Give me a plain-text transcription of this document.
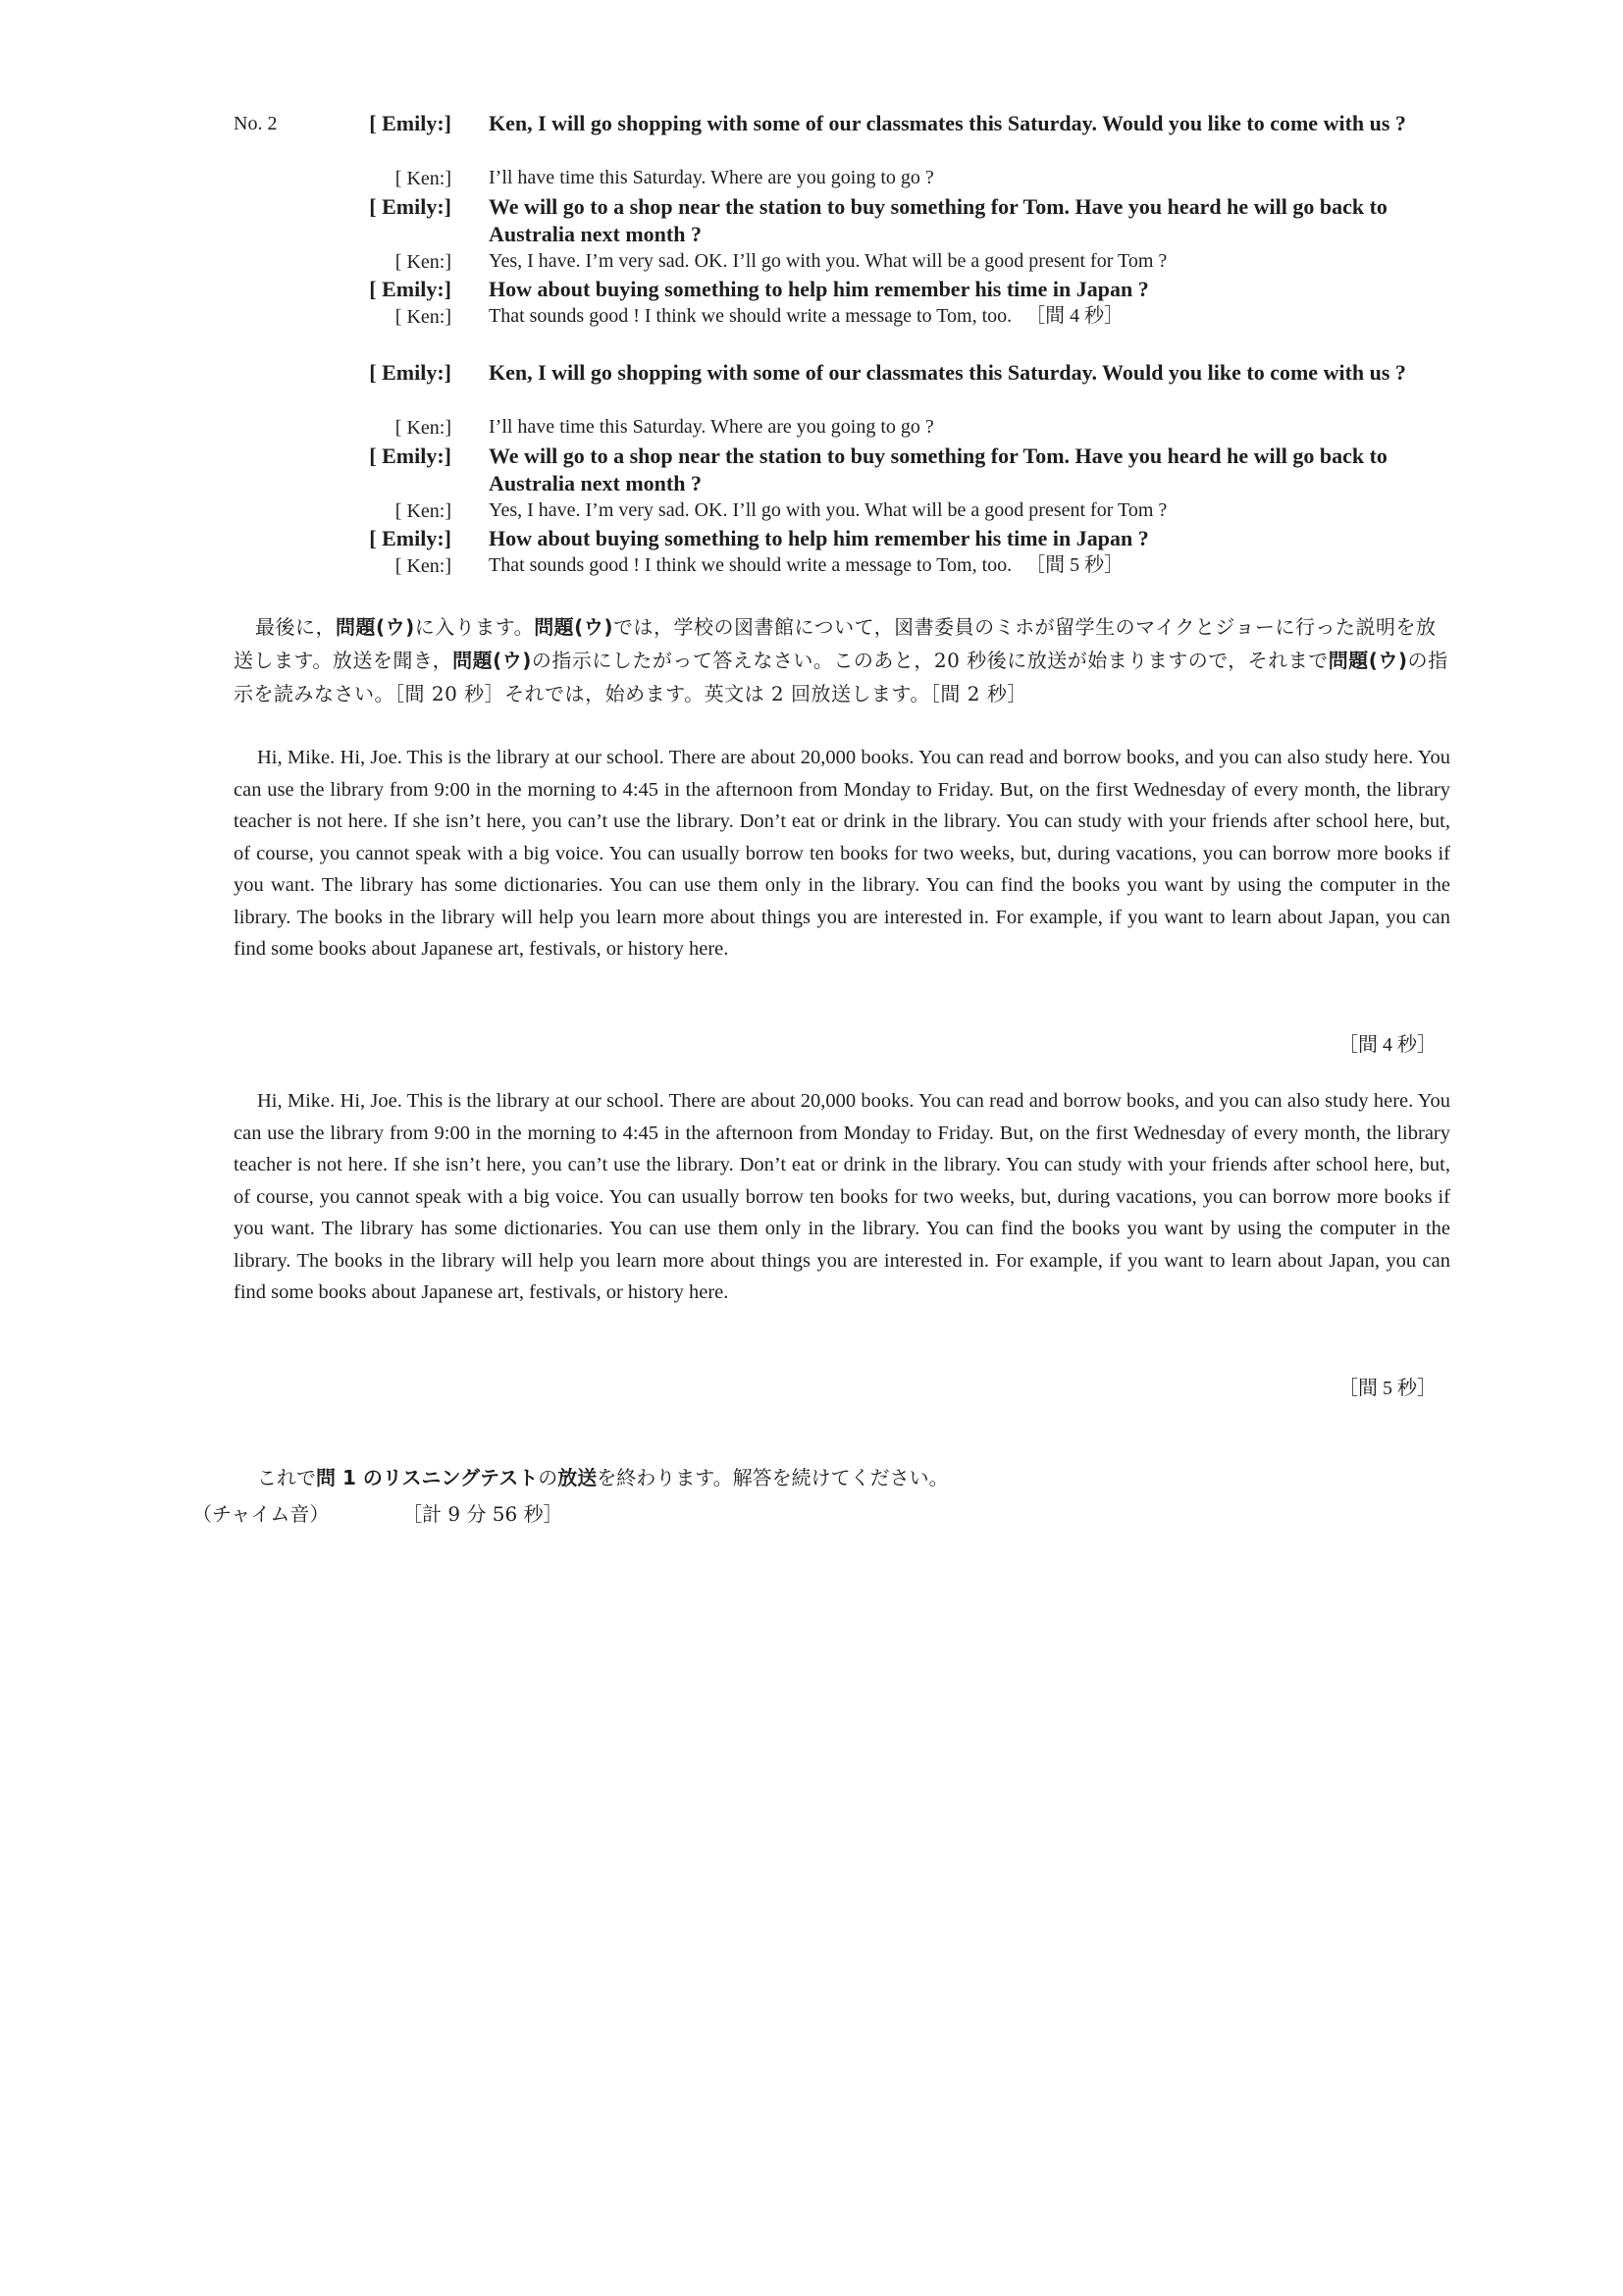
No. 2	[ Emily:]	Ken, I will go shopping with some of our classmates this Saturday. Would you like to come with us ?
[ Ken:]	I’ll have time this Saturday. Where are you going to go ?
[ Emily:]	We will go to a shop near the station to buy something for Tom. Have you heard he will go back to Australia next month ?
[ Ken:]	Yes, I have. I’m very sad. OK. I’ll go with you. What will be a good present for Tom ?
[ Emily:]	How about buying something to help him remember his time in Japan ?
[ Ken:]	That sounds good ! I think we should write a message to Tom, too. ［間 4 秒］
[ Emily:]	Ken, I will go shopping with some of our classmates this Saturday. Would you like to come with us ?
[ Ken:]	I’ll have time this Saturday. Where are you going to go ?
[ Emily:]	We will go to a shop near the station to buy something for Tom. Have you heard he will go back to Australia next month ?
[ Ken:]	Yes, I have. I’m very sad. OK. I’ll go with you. What will be a good present for Tom ?
[ Emily:]	How about buying something to help him remember his time in Japan ?
[ Ken:]	That sounds good ! I think we should write a message to Tom, too. ［間 5 秒］
最後に，問題(ウ)に入ります。問題(ウ)では，学校の図書館について，図書委員のミホが留学生のマイクとジョーに行った説明を放送します。放送を聞き，問題(ウ)の指示にしたがって答えなさい。このあと，20 秒後に放送が始まりますので，それまで問題(ウ)の指示を読みなさい。［間 20 秒］それでは，始めます。英文は 2 回放送します。［間 2 秒］
Hi, Mike. Hi, Joe. This is the library at our school. There are about 20,000 books. You can read and borrow books, and you can also study here. You can use the library from 9:00 in the morning to 4:45 in the afternoon from Monday to Friday. But, on the first Wednesday of every month, the library teacher is not here. If she isn’t here, you can’t use the library. Don’t eat or drink in the library. You can study with your friends after school here, but, of course, you cannot speak with a big voice. You can usually borrow ten books for two weeks, but, during vacations, you can borrow more books if you want. The library has some dictionaries. You can use them only in the library. You can find the books you want by using the computer in the library. The books in the library will help you learn more about things you are interested in. For example, if you want to learn about Japan, you can find some books about Japanese art, festivals, or history here.
［間 4 秒］
Hi, Mike. Hi, Joe. This is the library at our school. There are about 20,000 books. You can read and borrow books, and you can also study here. You can use the library from 9:00 in the morning to 4:45 in the afternoon from Monday to Friday. But, on the first Wednesday of every month, the library teacher is not here. If she isn’t here, you can’t use the library. Don’t eat or drink in the library. You can study with your friends after school here, but, of course, you cannot speak with a big voice. You can usually borrow ten books for two weeks, but, during vacations, you can borrow more books if you want. The library has some dictionaries. You can use them only in the library. You can find the books you want by using the computer in the library. The books in the library will help you learn more about things you are interested in. For example, if you want to learn about Japan, you can find some books about Japanese art, festivals, or history here.
［間 5 秒］
これで問 1 のリスニングテストの放送を終わります。解答を続けてください。
（チャイム音）	［計 9 分 56 秒］
